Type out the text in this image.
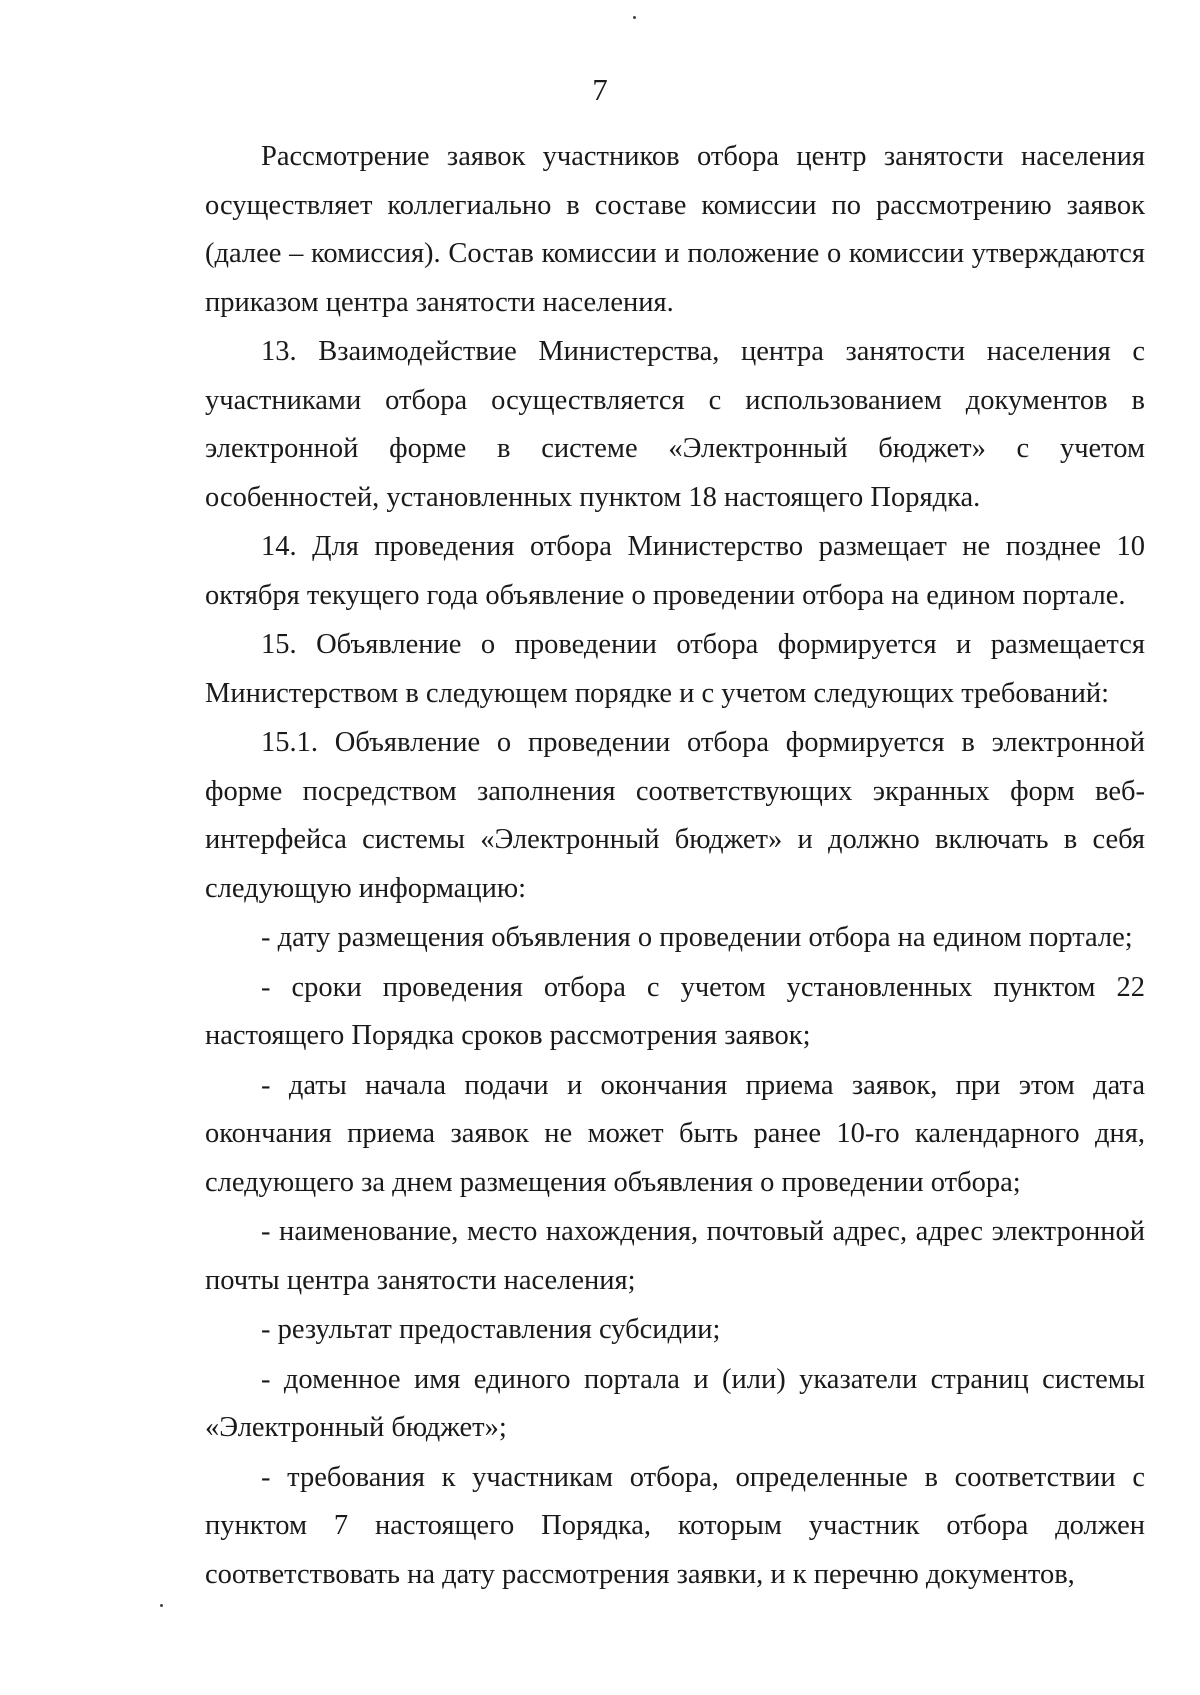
7

Рассмотрение заявок участников отбора центр занятости населения осуществляет коллегиально в составе комиссии по рассмотрению заявок (далее – комиссия). Состав комиссии и положение о комиссии утверждаются приказом центра занятости населения.

13. Взаимодействие Министерства, центра занятости населения с участниками отбора осуществляется с использованием документов в электронной форме в системе «Электронный бюджет» с учетом особенностей, установленных пунктом 18 настоящего Порядка.

14. Для проведения отбора Министерство размещает не позднее 10 октября текущего года объявление о проведении отбора на едином портале.

15. Объявление о проведении отбора формируется и размещается Министерством в следующем порядке и с учетом следующих требований:

15.1. Объявление о проведении отбора формируется в электронной форме посредством заполнения соответствующих экранных форм веб-интерфейса системы «Электронный бюджет» и должно включать в себя следующую информацию:

- дату размещения объявления о проведении отбора на едином портале;

- сроки проведения отбора с учетом установленных пунктом 22 настоящего Порядка сроков рассмотрения заявок;

- даты начала подачи и окончания приема заявок, при этом дата окончания приема заявок не может быть ранее 10-го календарного дня, следующего за днем размещения объявления о проведении отбора;

- наименование, место нахождения, почтовый адрес, адрес электронной почты центра занятости населения;

- результат предоставления субсидии;

- доменное имя единого портала и (или) указатели страниц системы «Электронный бюджет»;

- требования к участникам отбора, определенные в соответствии с пунктом 7 настоящего Порядка, которым участник отбора должен соответствовать на дату рассмотрения заявки, и к перечню документов,
